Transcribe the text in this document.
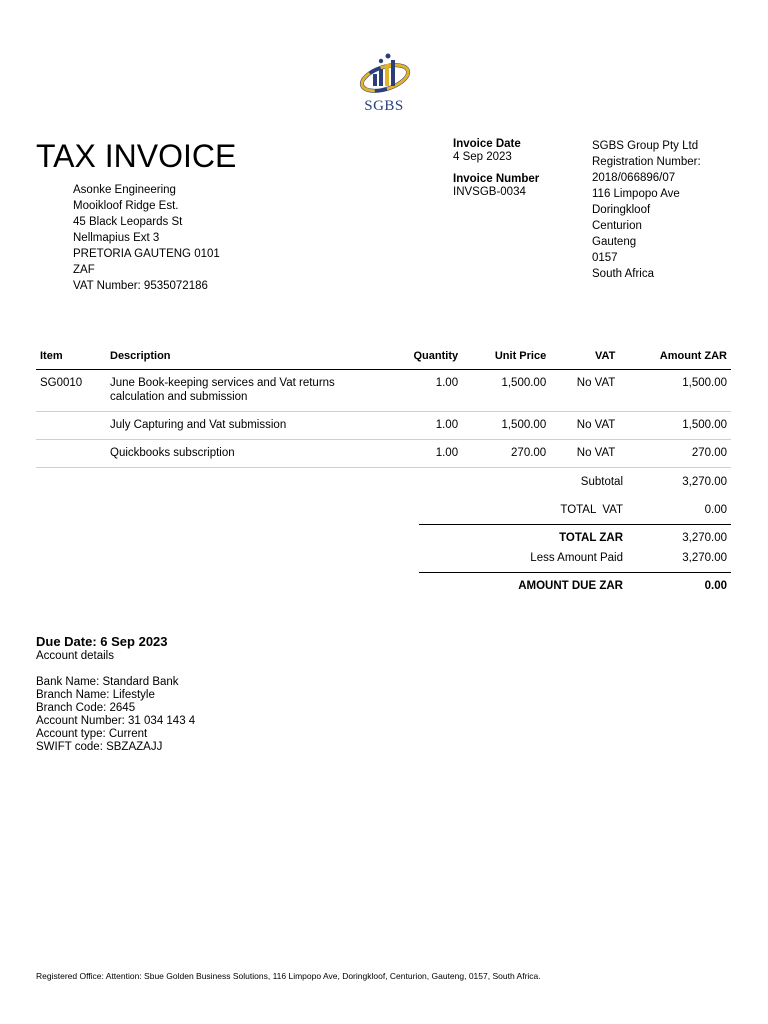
SGBS
TAX INVOICE
Asonke Engineering
Mooikloof Ridge Est.
45 Black Leopards St
Nellmapius Ext 3
PRETORIA GAUTENG 0101
ZAF
VAT Number: 9535072186
Invoice Date
4 Sep 2023
Invoice Number
INVSGB-0034
SGBS Group Pty Ltd
Registration Number:
2018/066896/07
116 Limpopo Ave
Doringkloof
Centurion
Gauteng
0157
South Africa
Item	Description	Quantity	Unit Price	VAT	Amount ZAR
SG0010	June Book-keeping services and Vat returns calculation and submission	1.00	1,500.00	No VAT	1,500.00
	July Capturing and Vat submission	1.00	1,500.00	No VAT	1,500.00
	Quickbooks subscription	1.00	270.00	No VAT	270.00
Subtotal	3,270.00
TOTAL  VAT	0.00
TOTAL ZAR	3,270.00
Less Amount Paid	3,270.00
AMOUNT DUE ZAR	0.00
Due Date: 6 Sep 2023
Account details
Bank Name: Standard Bank
Branch Name: Lifestyle
Branch Code: 2645
Account Number: 31 034 143 4
Account type: Current
SWIFT code: SBZAZAJJ
Registered Office: Attention: Sbue Golden Business Solutions, 116 Limpopo Ave, Doringkloof, Centurion, Gauteng, 0157, South Africa.
